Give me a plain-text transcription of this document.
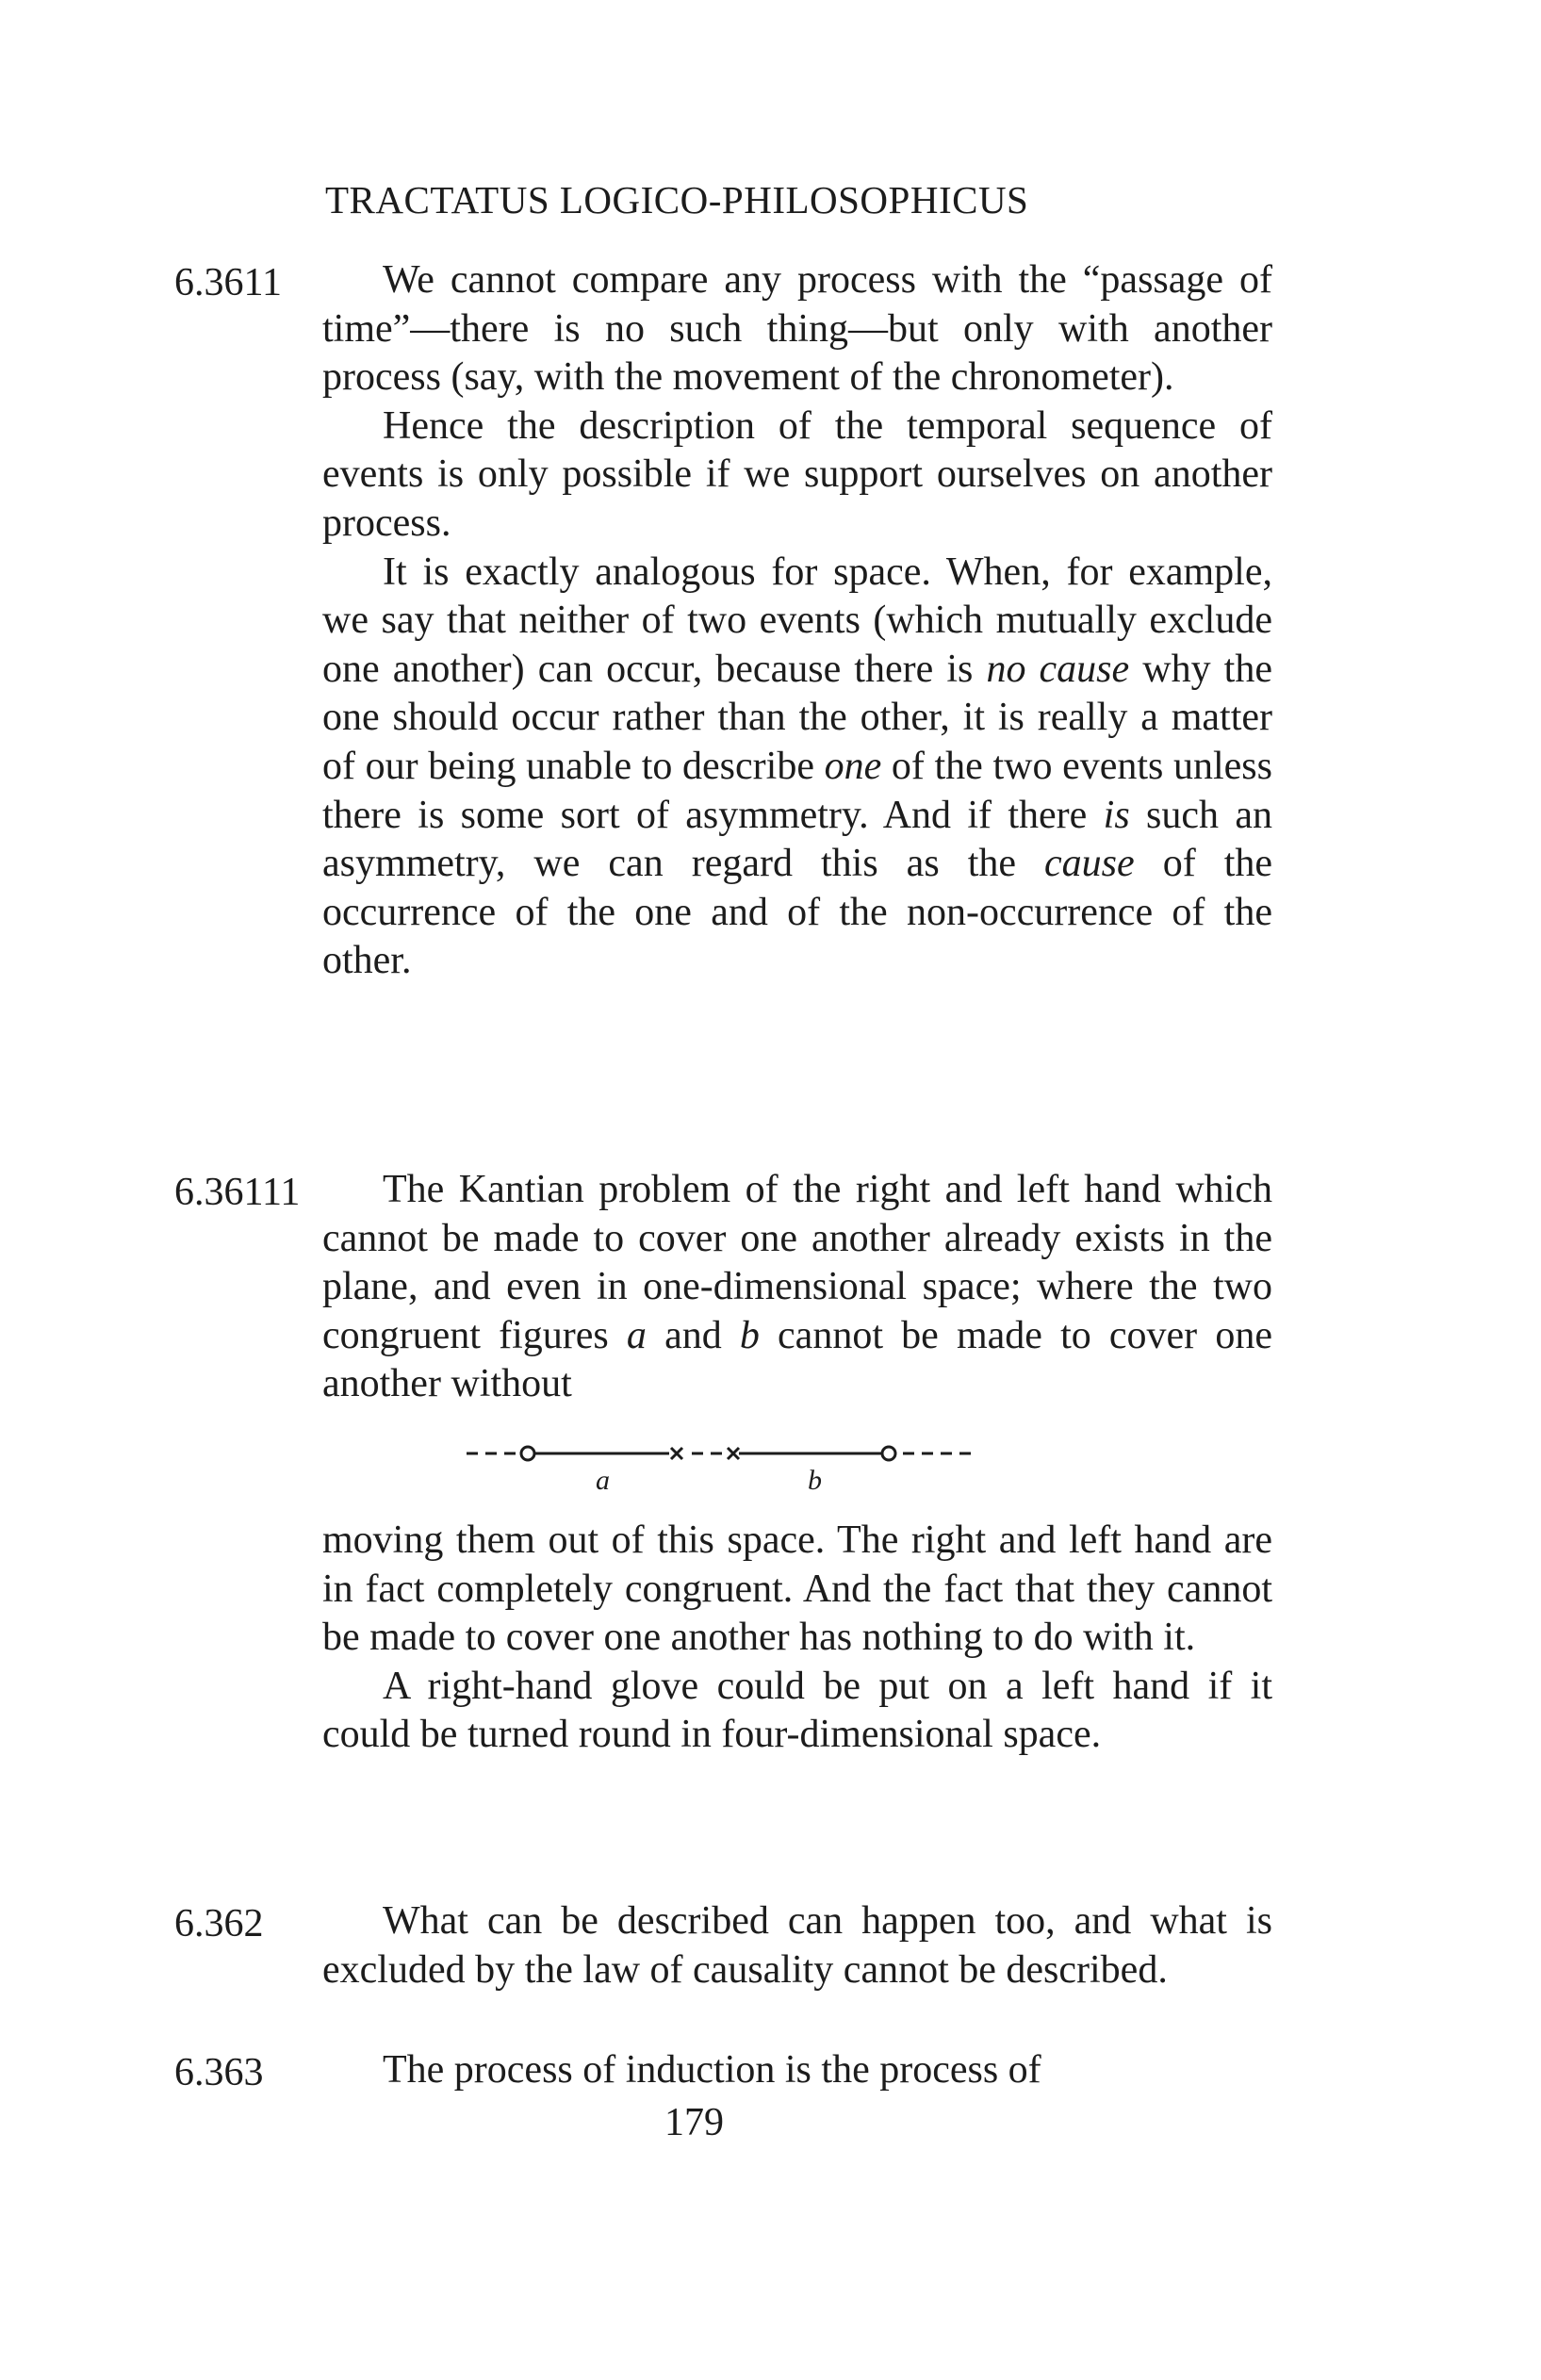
TRACTATUS LOGICO-PHILOSOPHICUS
6.3611	We cannot compare any process with the “passage of time”—there is no such thing—but only with another process (say, with the movement of the chronometer).

Hence the description of the temporal sequence of events is only possible if we support ourselves on another process.

It is exactly analogous for space. When, for example, we say that neither of two events (which mutually exclude one another) can occur, because there is no cause why the one should occur rather than the other, it is really a matter of our being unable to describe one of the two events unless there is some sort of asymmetry. And if there is such an asymmetry, we can regard this as the cause of the occurrence of the one and of the non-occurrence of the other.

6.36111	The Kantian problem of the right and left hand which cannot be made to cover one another already exists in the plane, and even in one-dimensional space; where the two congruent figures a and b cannot be made to cover one another without

a	b

moving them out of this space. The right and left hand are in fact completely congruent. And the fact that they cannot be made to cover one another has nothing to do with it.

A right-hand glove could be put on a left hand if it could be turned round in four-dimensional space.

6.362	What can be described can happen too, and what is excluded by the law of causality cannot be described.

6.363	The process of induction is the process of

179
